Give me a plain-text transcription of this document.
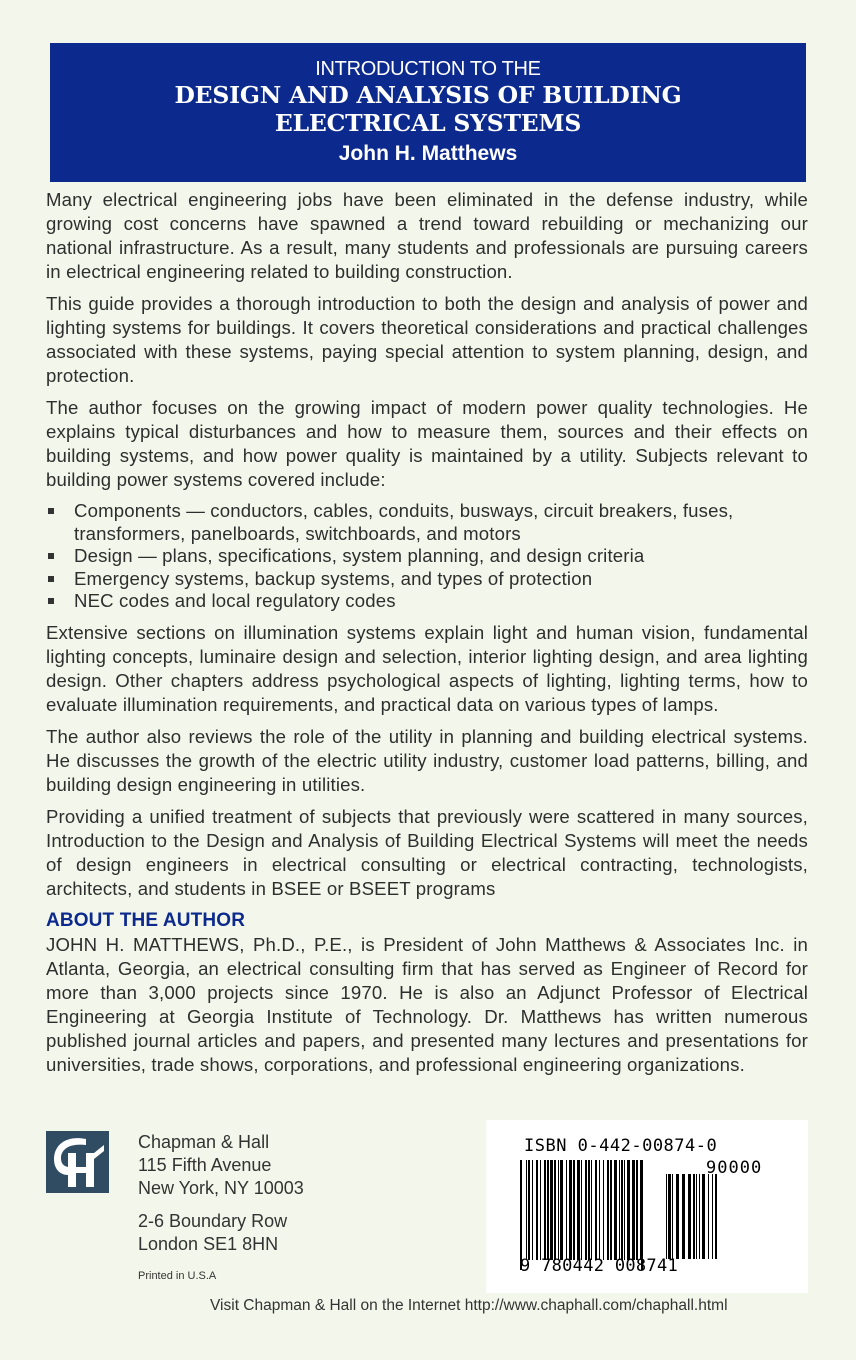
INTRODUCTION TO THE
DESIGN AND ANALYSIS OF BUILDING
ELECTRICAL SYSTEMS
John H. Matthews

Many electrical engineering jobs have been eliminated in the defense industry, while growing cost concerns have spawned a trend toward rebuilding or mechanizing our national infrastructure. As a result, many students and professionals are pursuing careers in electrical engineering related to building construction.

This guide provides a thorough introduction to both the design and analysis of power and lighting systems for buildings. It covers theoretical considerations and practical challenges associated with these systems, paying special attention to system planning, design, and protection.

The author focuses on the growing impact of modern power quality technologies. He explains typical disturbances and how to measure them, sources and their effects on building systems, and how power quality is maintained by a utility. Subjects relevant to building power systems covered include:

Components — conductors, cables, conduits, busways, circuit breakers, fuses, transformers, panelboards, switchboards, and motors
Design — plans, specifications, system planning, and design criteria
Emergency systems, backup systems, and types of protection
NEC codes and local regulatory codes

Extensive sections on illumination systems explain light and human vision, fundamental lighting concepts, luminaire design and selection, interior lighting design, and area lighting design. Other chapters address psychological aspects of lighting, lighting terms, how to evaluate illumination requirements, and practical data on various types of lamps.

The author also reviews the role of the utility in planning and building electrical systems. He discusses the growth of the electric utility industry, customer load patterns, billing, and building design engineering in utilities.

Providing a unified treatment of subjects that previously were scattered in many sources, Introduction to the Design and Analysis of Building Electrical Systems will meet the needs of design engineers in electrical consulting or electrical contracting, technologists, architects, and students in BSEE or BSEET programs

ABOUT THE AUTHOR

JOHN H. MATTHEWS, Ph.D., P.E., is President of John Matthews & Associates Inc. in Atlanta, Georgia, an electrical consulting firm that has served as Engineer of Record for more than 3,000 projects since 1970. He is also an Adjunct Professor of Electrical Engineering at Georgia Institute of Technology. Dr. Matthews has written numerous published journal articles and papers, and presented many lectures and presentations for universities, trade shows, corporations, and professional engineering organizations.

Chapman & Hall
115 Fifth Avenue
New York, NY 10003
2-6 Boundary Row
London SE1 8HN
Printed in U.S.A
ISBN 0-442-00874-0
90000
9 780442 008741
Visit Chapman & Hall on the Internet http://www.chaphall.com/chaphall.html
